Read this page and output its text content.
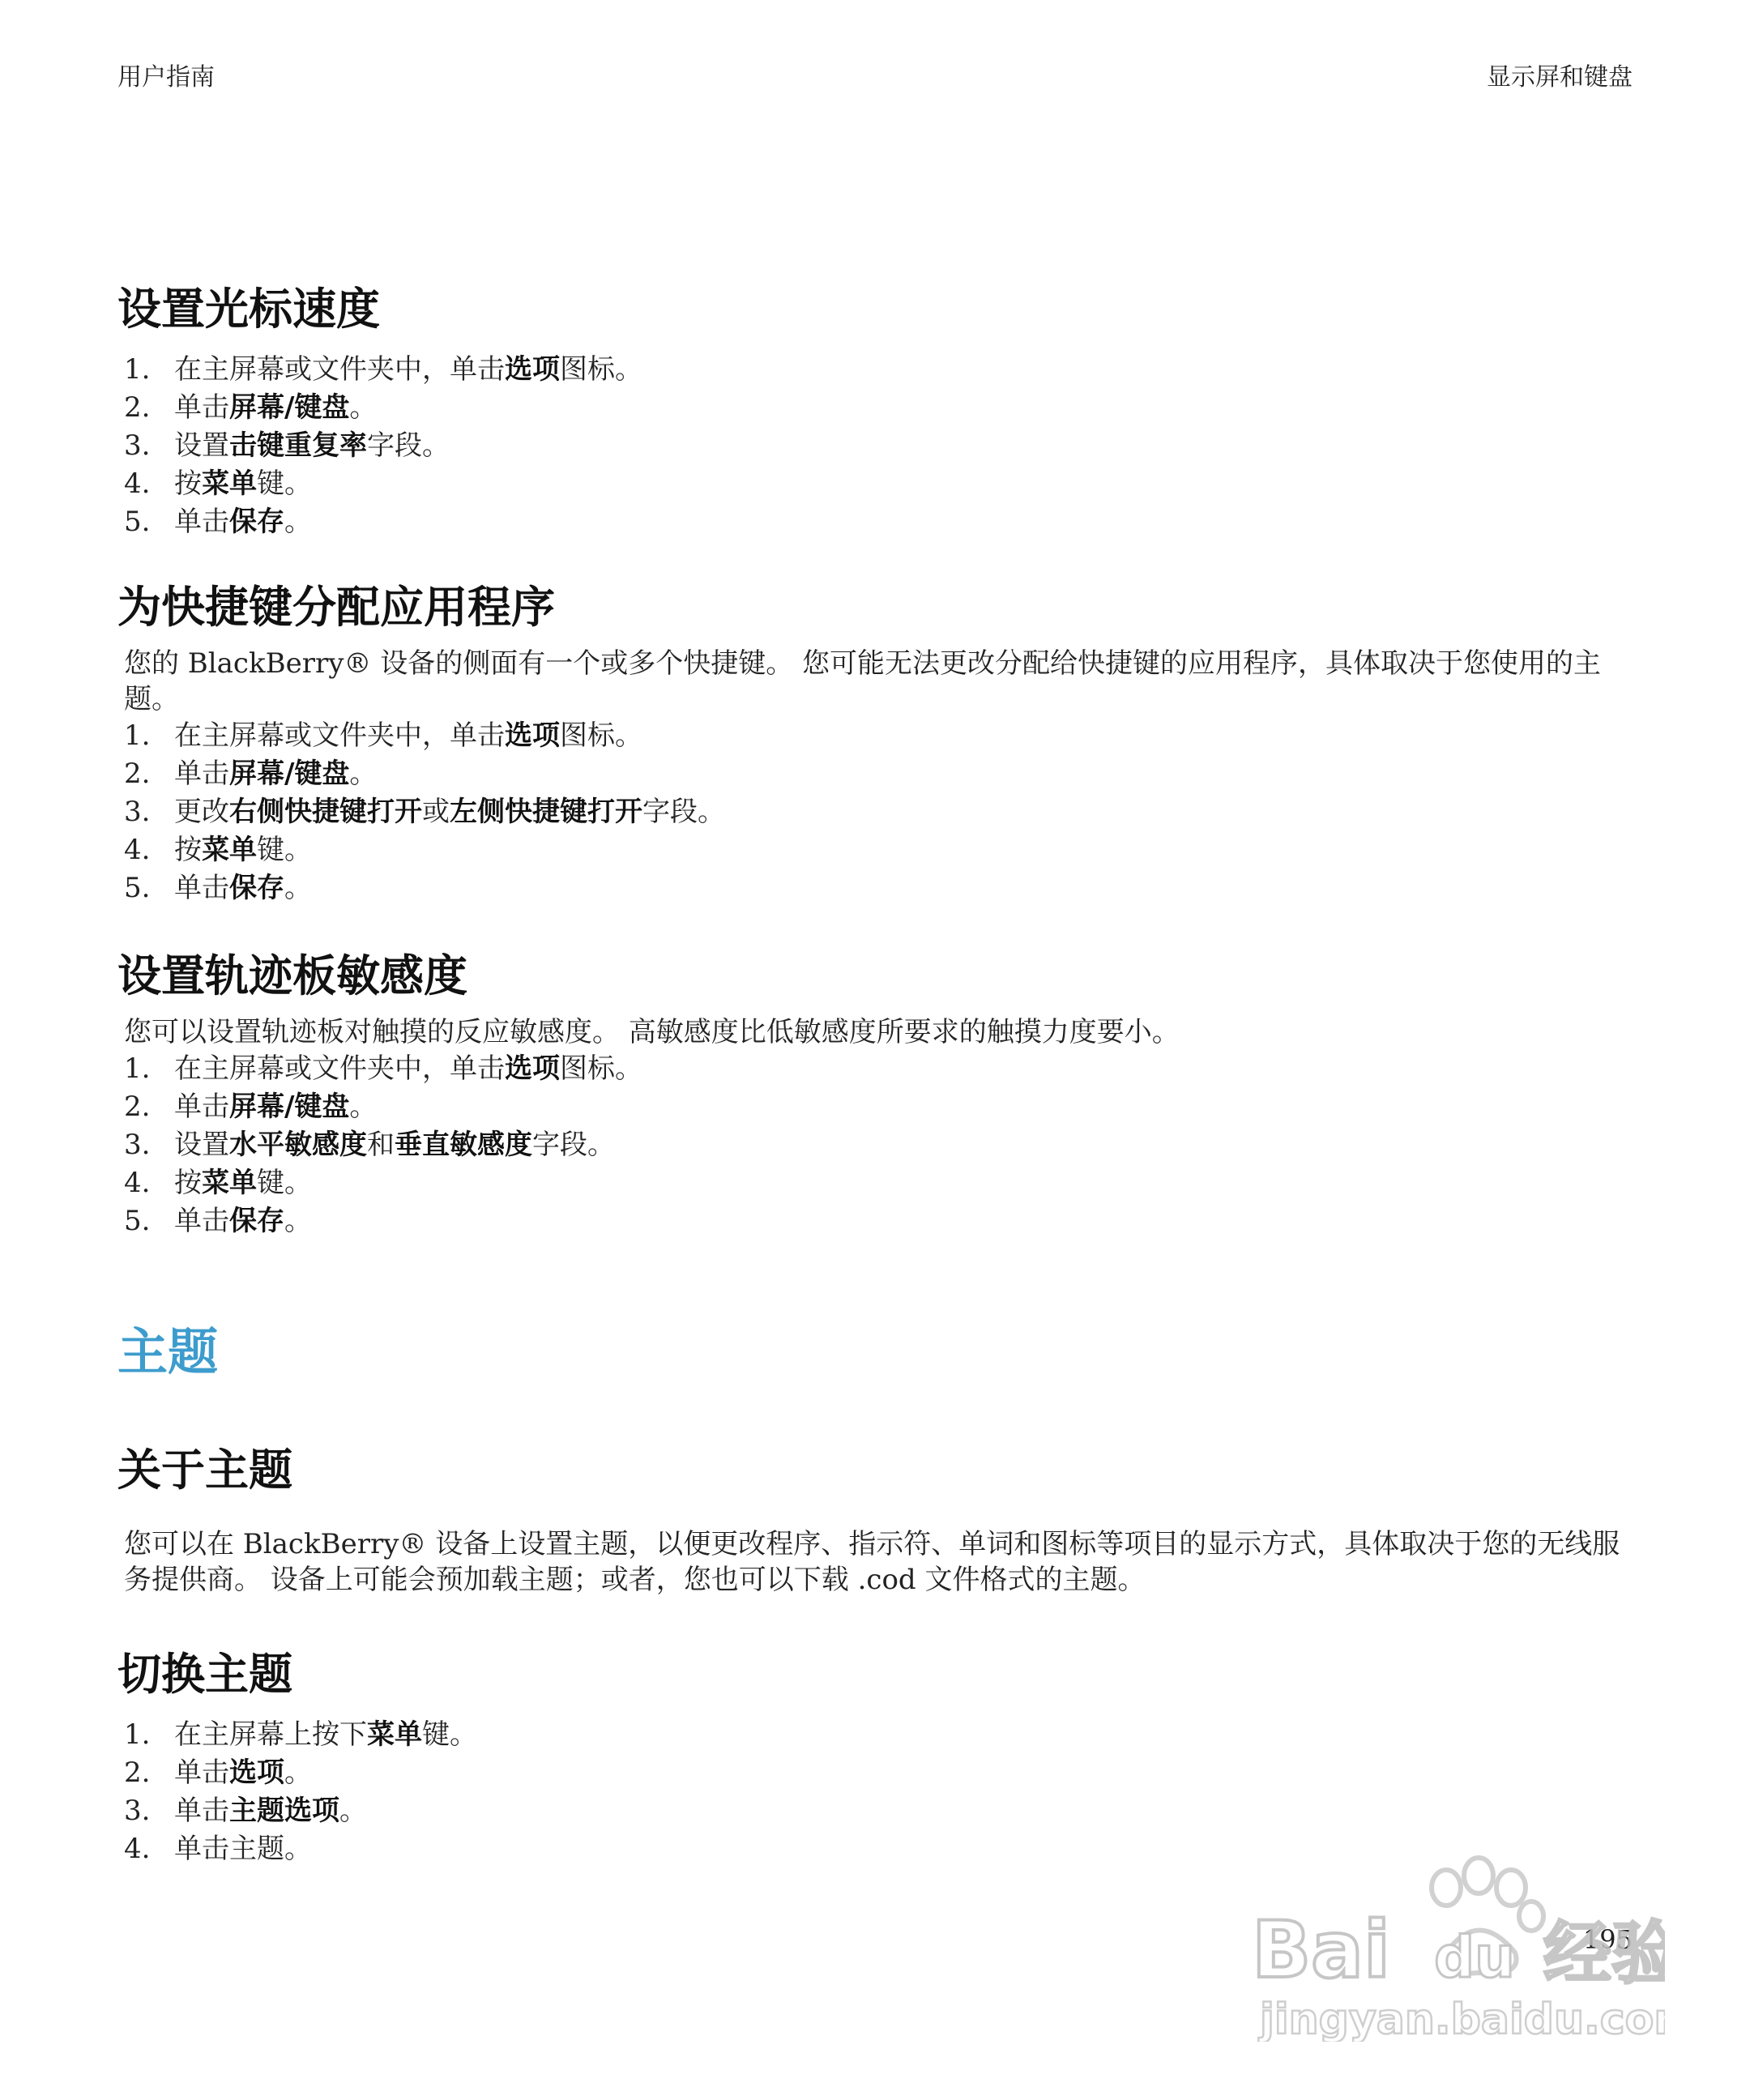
用户指南	显示屏和键盘
设置光标速度
1. 在主屏幕或文件夹中，单击选项图标。
2. 单击屏幕/键盘。
3. 设置击键重复率字段。
4. 按菜单键。
5. 单击保存。
为快捷键分配应用程序

您的 BlackBerry® 设备的侧面有一个或多个快捷键。 您可能无法更改分配给快捷键的应用程序，具体取决于您使用的主题。

1. 在主屏幕或文件夹中，单击选项图标。
2. 单击屏幕/键盘。
3. 更改右侧快捷键打开或左侧快捷键打开字段。
4. 按菜单键。
5. 单击保存。
设置轨迹板敏感度

您可以设置轨迹板对触摸的反应敏感度。 高敏感度比低敏感度所要求的触摸力度要小。

1. 在主屏幕或文件夹中，单击选项图标。
2. 单击屏幕/键盘。
3. 设置水平敏感度和垂直敏感度字段。
4. 按菜单键。
5. 单击保存。
主题
关于主题

您可以在 BlackBerry® 设备上设置主题，以便更改程序、指示符、单词和图标等项目的显示方式，具体取决于您的无线服务提供商。 设备上可能会预加载主题；或者，您也可以下载 .cod 文件格式的主题。

切换主题
1. 在主屏幕上按下菜单键。
2. 单击选项。
3. 单击主题选项。
4. 单击主题。
195
Bai du 经验
jingyan.baidu.com
